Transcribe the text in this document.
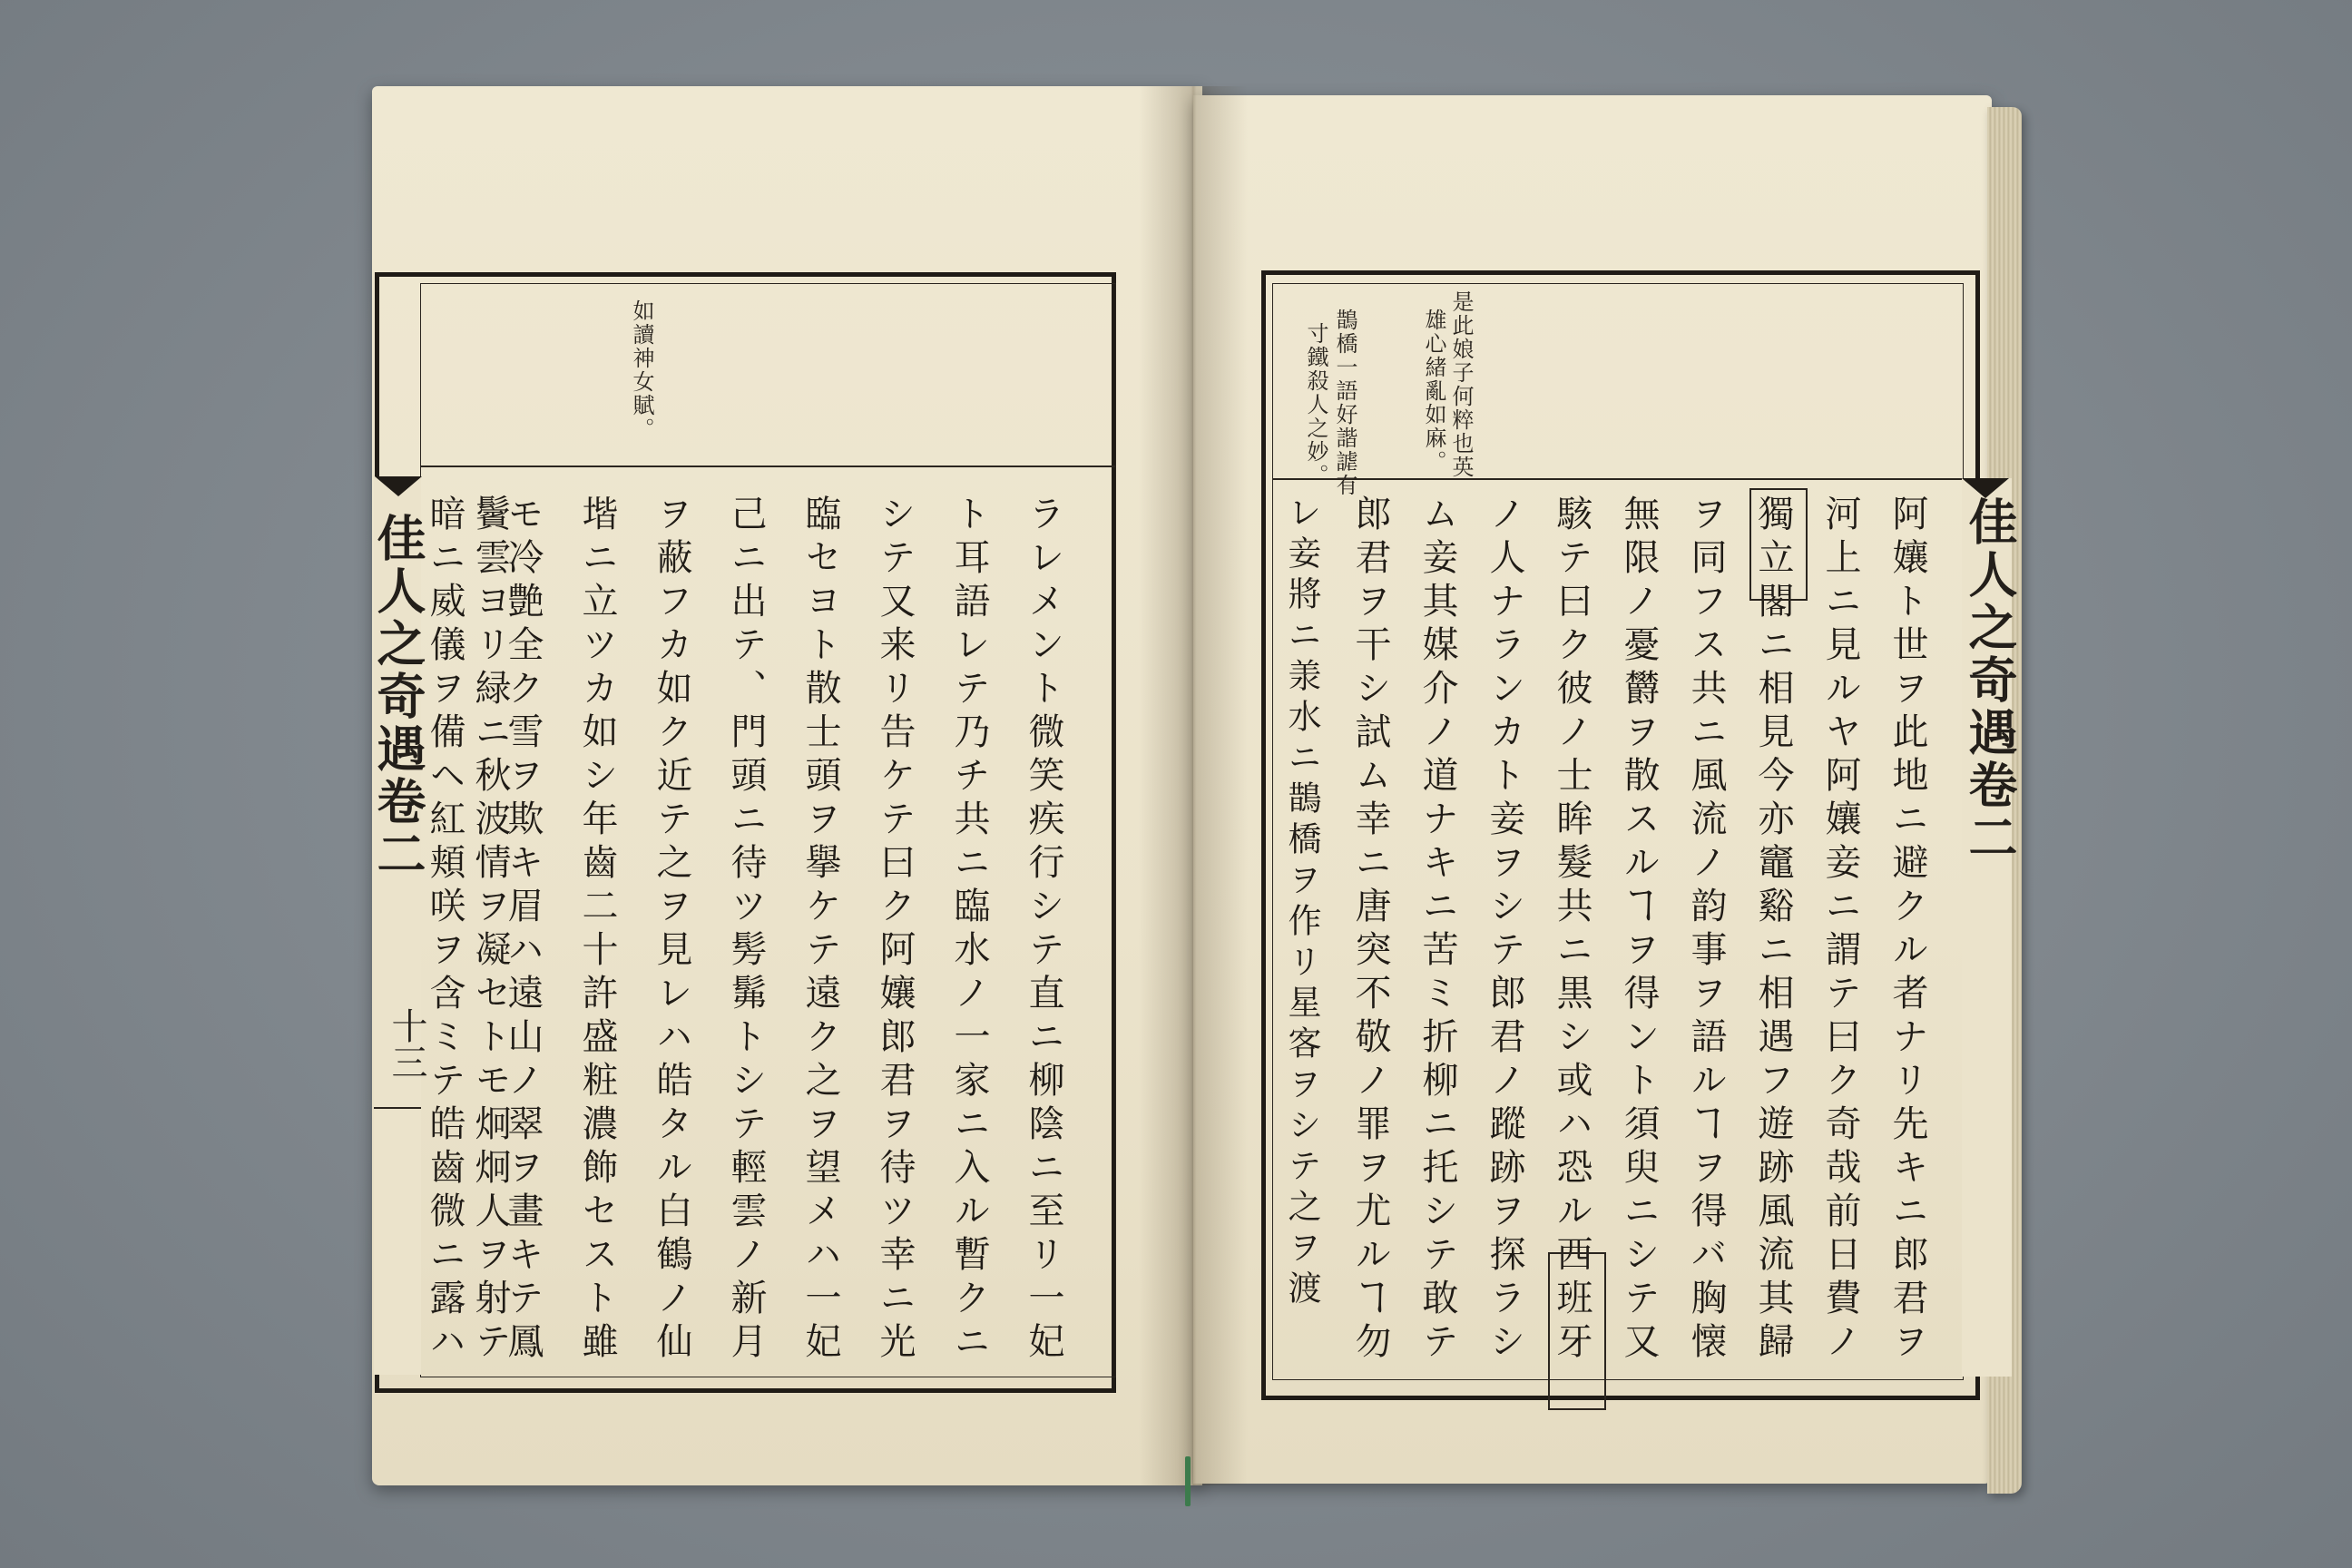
如讀神女賦。
佳人之奇遇卷二
十三	ラレメント微笑疾行シテ直ニ柳陰ニ至リ一妃
ト耳語レテ乃チ共ニ臨水ノ一家ニ入ル暫クニ
シテ又来リ告ケテ曰ク阿孃郎君ヲ待ツ幸ニ光
臨セヨト散士頭ヲ擧ケテ遠ク之ヲ望メハ一妃
己ニ出テ、門頭ニ待ツ髣髴トシテ輕雲ノ新月
ヲ蔽フカ如ク近テ之ヲ見レハ皓タル白鶴ノ仙
堦ニ立ツカ如シ年齒二十許盛粧濃飾セスト雖
モ冷艶全ク雪ヲ欺キ眉ハ遠山ノ翠ヲ畫キテ鳳
鬢雲ヨリ緑ニ秋波情ヲ凝セトモ炯炯人ヲ射テ
暗ニ威儀ヲ備ヘ紅頬咲ヲ含ミテ皓齒微ニ露ハ
是此娘子何粹也英
雄心緒亂如麻。
鵲橋一語好諧謔有
寸鐵殺人之妙。
佳人之奇遇卷二
阿孃ト世ヲ此地ニ避クル者ナリ先キニ郎君ヲ
河上ニ見ルヤ阿孃妾ニ謂テ曰ク奇哉前日費ノ
獨立閣ニ相見今亦竈谿ニ相遇フ遊跡風流其歸
ヲ同フス共ニ風流ノ韵事ヲ語ルヿヲ得バ胸懐
無限ノ憂欝ヲ散スルヿヲ得ント須臾ニシテ又
駭テ曰ク彼ノ士眸髮共ニ黒シ或ハ恐ル西班牙
ノ人ナランカト妾ヲシテ郎君ノ蹤跡ヲ探ラシ
ム妾其媒介ノ道ナキニ苦ミ折柳ニ托シテ敢テ
郎君ヲ干シ試ム幸ニ唐突不敬ノ罪ヲ尤ルヿ勿
レ妾將ニ𣴎水ニ鵲橋ヲ作リ星客ヲシテ之ヲ渡
